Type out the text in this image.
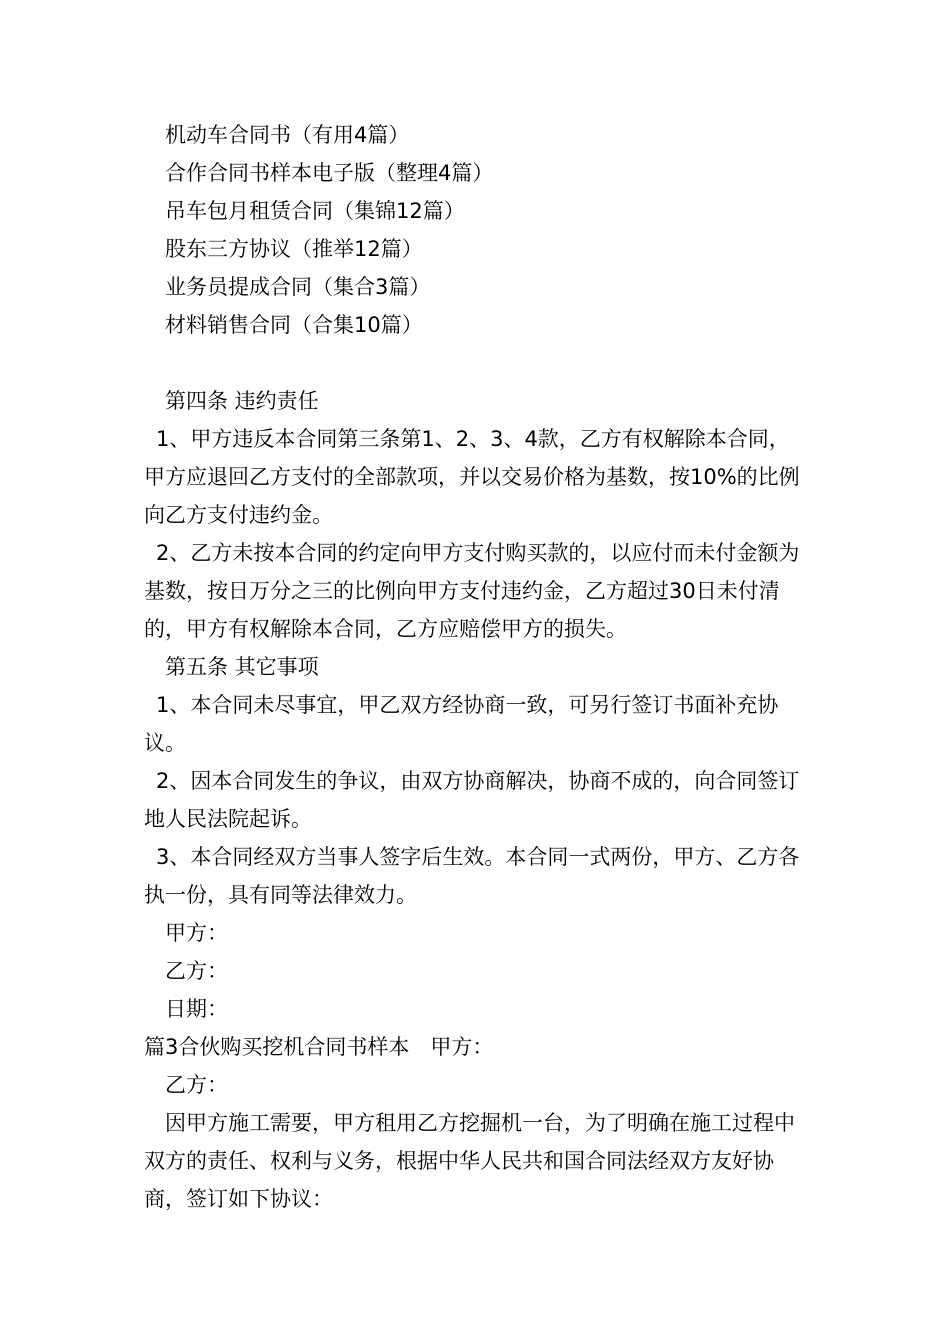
机动车合同书（有用4篇）

合作合同书样本电子版（整理4篇）

吊车包月租赁合同（集锦12篇）

股东三方协议（推举12篇）

业务员提成合同（集合3篇）

材料销售合同（合集10篇）

第四条 违约责任

1、甲方违反本合同第三条第1、2、3、4款，乙方有权解除本合同，甲方应退回乙方支付的全部款项，并以交易价格为基数，按10%的比例向乙方支付违约金。

2、乙方未按本合同的约定向甲方支付购买款的，以应付而未付金额为基数，按日万分之三的比例向甲方支付违约金，乙方超过30日未付清的，甲方有权解除本合同，乙方应赔偿甲方的损失。

第五条 其它事项

1、本合同未尽事宜，甲乙双方经协商一致，可另行签订书面补充协议。

2、因本合同发生的争议，由双方协商解决，协商不成的，向合同签订地人民法院起诉。

3、本合同经双方当事人签字后生效。本合同一式两份，甲方、乙方各执一份，具有同等法律效力。

甲方：

乙方：

日期：

篇3合伙购买挖机合同书样本　甲方：

乙方：

因甲方施工需要，甲方租用乙方挖掘机一台，为了明确在施工过程中双方的责任、权利与义务，根据中华人民共和国合同法经双方友好协商，签订如下协议：
